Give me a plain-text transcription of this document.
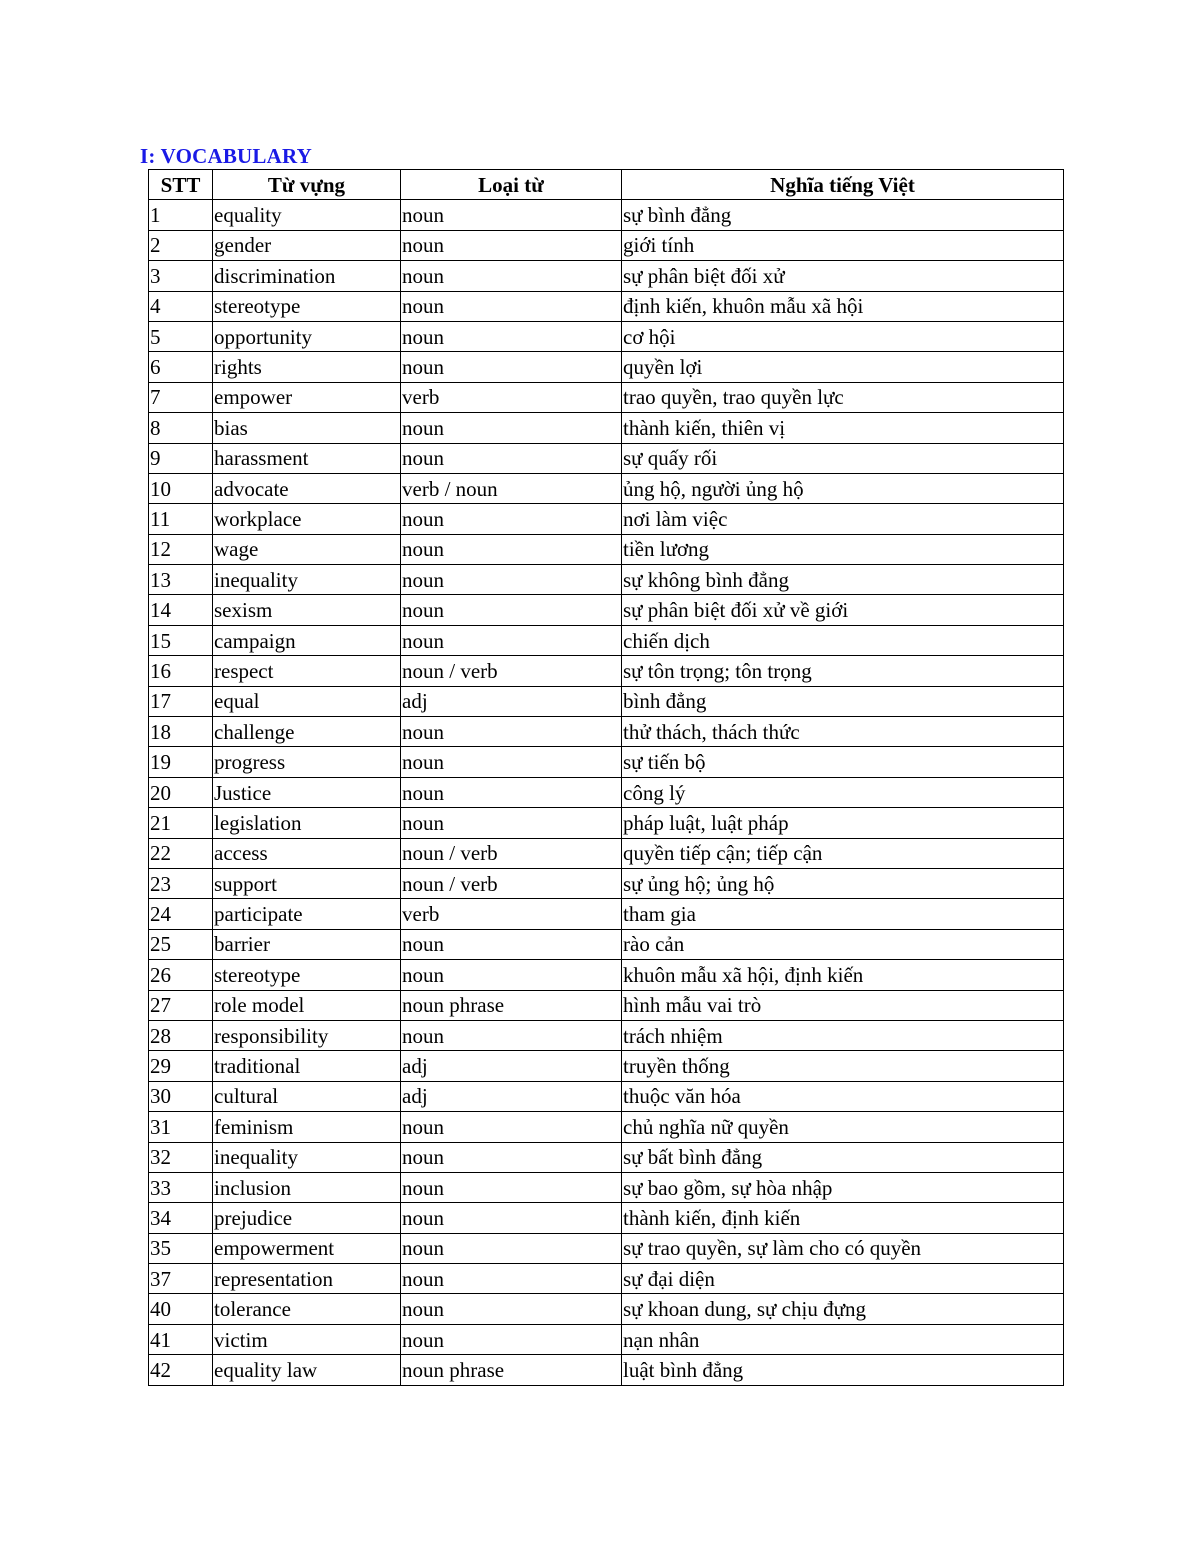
I: VOCABULARY
STT	Từ vựng	Loại từ	Nghĩa tiếng Việt
1	equality	noun	sự bình đẳng
2	gender	noun	giới tính
3	discrimination	noun	sự phân biệt đối xử
4	stereotype	noun	định kiến, khuôn mẫu xã hội
5	opportunity	noun	cơ hội
6	rights	noun	quyền lợi
7	empower	verb	trao quyền, trao quyền lực
8	bias	noun	thành kiến, thiên vị
9	harassment	noun	sự quấy rối
10	advocate	verb / noun	ủng hộ, người ủng hộ
11	workplace	noun	nơi làm việc
12	wage	noun	tiền lương
13	inequality	noun	sự không bình đẳng
14	sexism	noun	sự phân biệt đối xử về giới
15	campaign	noun	chiến dịch
16	respect	noun / verb	sự tôn trọng; tôn trọng
17	equal	adj	bình đẳng
18	challenge	noun	thử thách, thách thức
19	progress	noun	sự tiến bộ
20	Justice	noun	công lý
21	legislation	noun	pháp luật, luật pháp
22	access	noun / verb	quyền tiếp cận; tiếp cận
23	support	noun / verb	sự ủng hộ; ủng hộ
24	participate	verb	tham gia
25	barrier	noun	rào cản
26	stereotype	noun	khuôn mẫu xã hội, định kiến
27	role model	noun phrase	hình mẫu vai trò
28	responsibility	noun	trách nhiệm
29	traditional	adj	truyền thống
30	cultural	adj	thuộc văn hóa
31	feminism	noun	chủ nghĩa nữ quyền
32	inequality	noun	sự bất bình đẳng
33	inclusion	noun	sự bao gồm, sự hòa nhập
34	prejudice	noun	thành kiến, định kiến
35	empowerment	noun	sự trao quyền, sự làm cho có quyền
37	representation	noun	sự đại diện
40	tolerance	noun	sự khoan dung, sự chịu đựng
41	victim	noun	nạn nhân
42	equality law	noun phrase	luật bình đẳng
